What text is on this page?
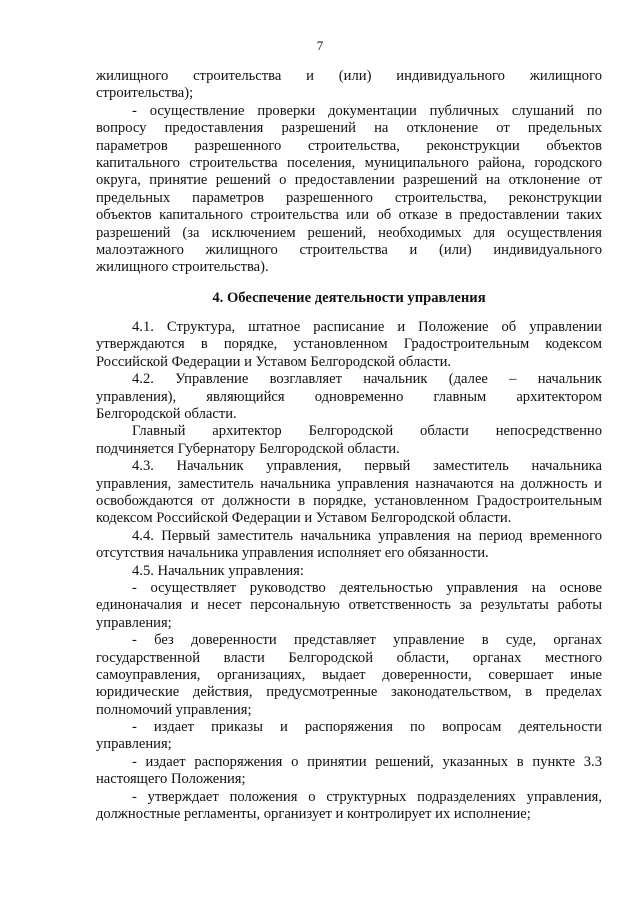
7
жилищного строительства и (или) индивидуального жилищного
строительства);
- осуществление проверки документации публичных слушаний по
вопросу предоставления разрешений на отклонение от предельных
параметров разрешенного строительства, реконструкции объектов
капитального строительства поселения, муниципального района, городского
округа, принятие решений о предоставлении разрешений на отклонение от
предельных параметров разрешенного строительства, реконструкции
объектов капитального строительства или об отказе в предоставлении таких
разрешений (за исключением решений, необходимых для осуществления
малоэтажного жилищного строительства и (или) индивидуального
жилищного строительства).
4. Обеспечение деятельности управления
4.1. Структура, штатное расписание и Положение об управлении
утверждаются в порядке, установленном Градостроительным кодексом
Российской Федерации и Уставом Белгородской области.
4.2. Управление возглавляет начальник (далее – начальник
управления), являющийся одновременно главным архитектором
Белгородской области.
Главный архитектор Белгородской области непосредственно
подчиняется Губернатору Белгородской области.
4.3. Начальник управления, первый заместитель начальника
управления, заместитель начальника управления назначаются на должность и
освобождаются от должности в порядке, установленном Градостроительным
кодексом Российской Федерации и Уставом Белгородской области.
4.4. Первый заместитель начальника управления на период временного
отсутствия начальника управления исполняет его обязанности.
4.5. Начальник управления:
- осуществляет руководство деятельностью управления на основе
единоначалия и несет персональную ответственность за результаты работы
управления;
- без доверенности представляет управление в суде, органах
государственной власти Белгородской области, органах местного
самоуправления, организациях, выдает доверенности, совершает иные
юридические действия, предусмотренные законодательством, в пределах
полномочий управления;
- издает приказы и распоряжения по вопросам деятельности
управления;
- издает распоряжения о принятии решений, указанных в пункте 3.3
настоящего Положения;
- утверждает положения о структурных подразделениях управления,
должностные регламенты, организует и контролирует их исполнение;
